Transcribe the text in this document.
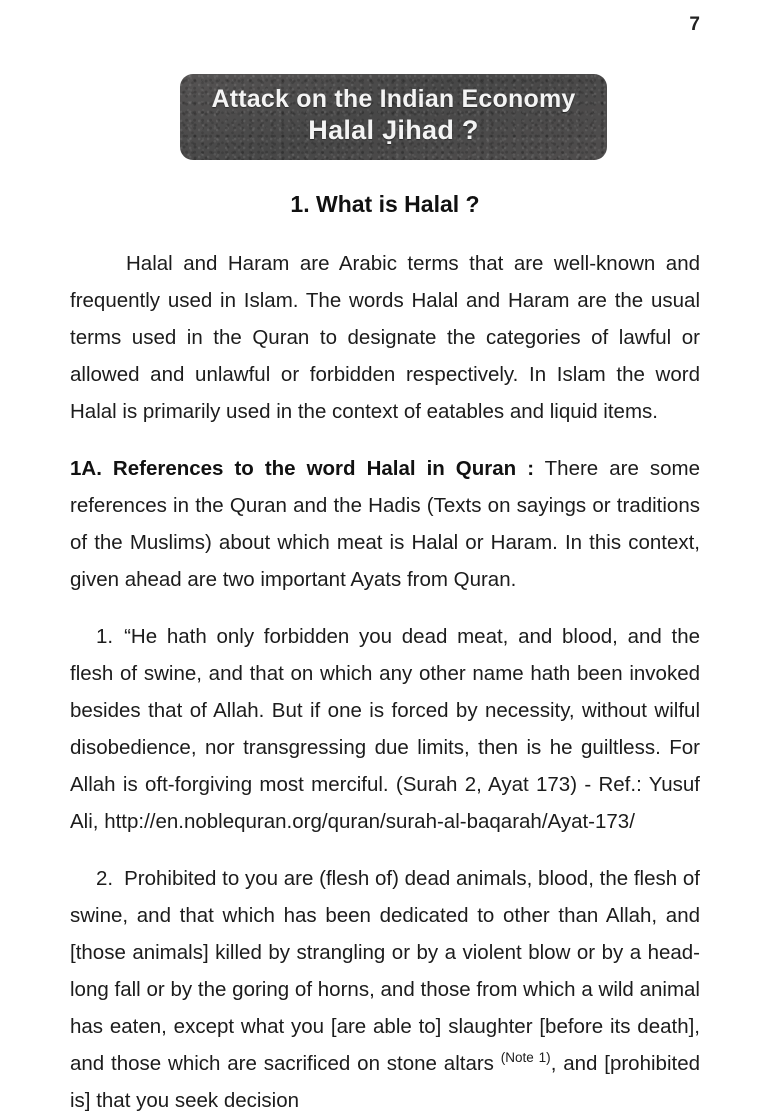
7
Attack on the Indian Economy
Halal J̣ihad ?
1. What is Halal ?

Halal and Haram are Arabic terms that are well-known and frequently used in Islam. The words Halal and Haram are the usual terms used in the Quran to designate the categories of lawful or allowed and unlawful or forbidden respectively. In Islam the word Halal is primarily used in the context of eatables and liquid items.

1A. References to the word Halal in Quran : There are some references in the Quran and the Hadis (Texts on sayings or traditions of the Muslims) about which meat is Halal or Haram. In this context, given ahead are two important Ayats from Quran.

1. “He hath only forbidden you dead meat, and blood, and the flesh of swine, and that on which any other name hath been invoked besides that of Allah. But if one is forced by necessity, without wilful disobedience, nor transgressing due limits, then is he guiltless. For Allah is oft-forgiving most merciful. (Surah 2, Ayat 173) - Ref.: Yusuf Ali, http://en.noblequran.org/quran/surah-al-baqarah/Ayat-173/

2. Prohibited to you are (flesh of) dead animals, blood, the flesh of swine, and that which has been dedicated to other than Allah, and [those animals] killed by strangling or by a violent blow or by a head-long fall or by the goring of horns, and those from which a wild animal has eaten, except what you [are able to] slaughter [before its death], and those which are sacrificed on stone altars $^{(Note 1)}$, and [prohibited is] that you seek decision
